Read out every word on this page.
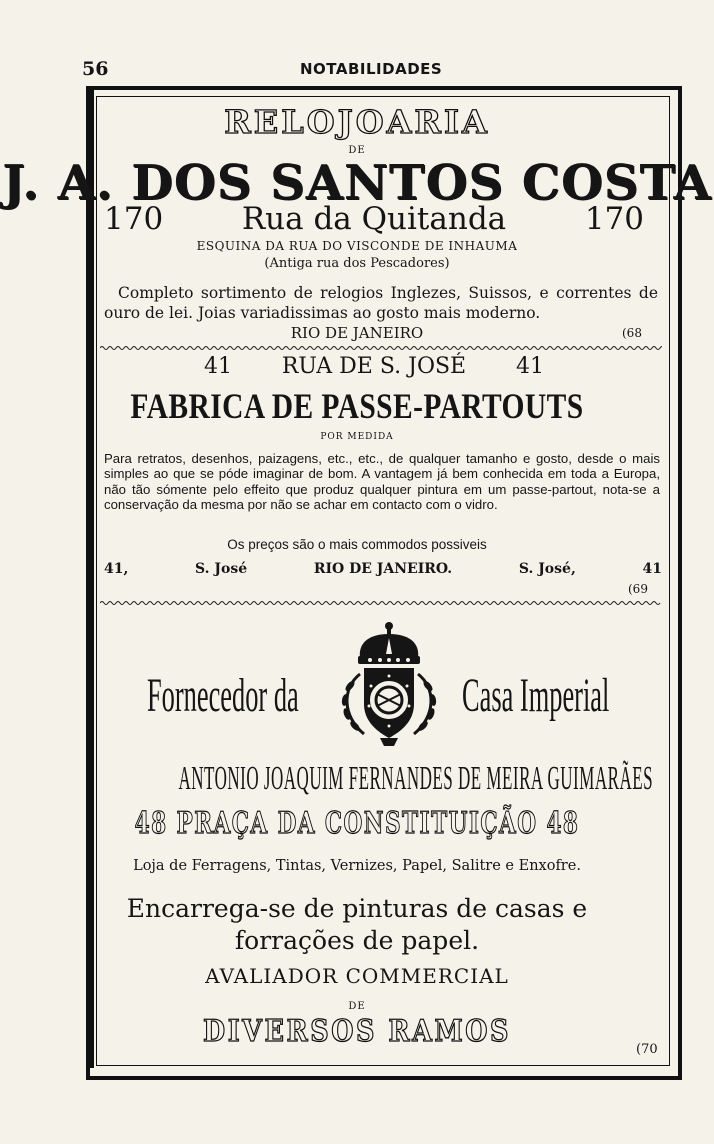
56	NOTABILIDADES
RELOJOARIA
DE
J. A. DOS SANTOS COSTA
170	Rua da Quitanda	170
ESQUINA DA RUA DO VISCONDE DE INHAUMA
(Antiga rua dos Pescadores)
Completo sortimento de relogios Inglezes, Suissos, e correntes de ouro de lei. Joias variadissimas ao gosto mais moderno.
RIO DE JANEIRO	(68
41 RUA DE S. JOSÉ 41
FABRICA DE PASSE-PARTOUTS
POR MEDIDA
Para retratos, desenhos, paizagens, etc., etc., de qualquer tamanho e gosto, desde o mais simples ao que se póde imaginar de bom. A vantagem já bem conhecida em toda a Europa, não tão sómente pelo effeito que produz qualquer pintura em um passe-partout, nota-se a conservação da mesma por não se achar em contacto com o vidro.
Os preços são o mais commodos possiveis
41,	S. José	RIO DE JANEIRO.	S. José,	41
(69
Fornecedor da	Casa Imperial
ANTONIO JOAQUIM FERNANDES DE MEIRA GUIMARÃES
48 PRAÇA DA CONSTITUIÇÃO 48
Loja de Ferragens, Tintas, Vernizes, Papel, Salitre e Enxofre.
Encarrega-se de pinturas de casas e
forrações de papel.
AVALIADOR COMMERCIAL
DE
DIVERSOS RAMOS
(70
